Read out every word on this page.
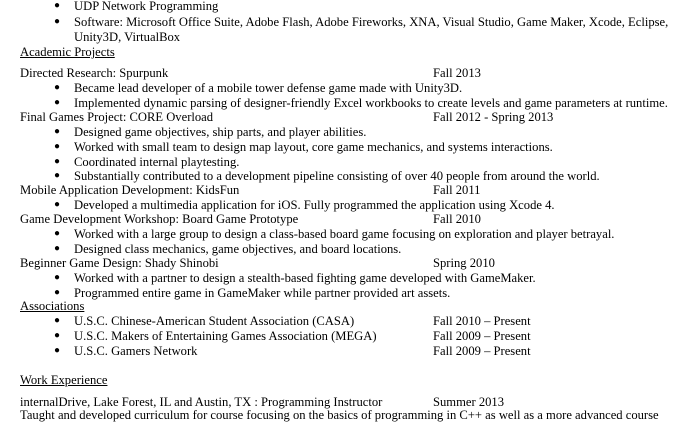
● UDP Network Programming
● Software: Microsoft Office Suite, Adobe Flash, Adobe Fireworks, XNA, Visual Studio, Game Maker, Xcode, Eclipse,
Unity3D, VirtualBox
Academic Projects
Directed Research: Spurpunk	Fall 2013
● Became lead developer of a mobile tower defense game made with Unity3D.
● Implemented dynamic parsing of designer-friendly Excel workbooks to create levels and game parameters at runtime.
Final Games Project: CORE Overload	Fall 2012 - Spring 2013
● Designed game objectives, ship parts, and player abilities.
● Worked with small team to design map layout, core game mechanics, and systems interactions.
● Coordinated internal playtesting.
● Substantially contributed to a development pipeline consisting of over 40 people from around the world.
Mobile Application Development: KidsFun	Fall 2011
● Developed a multimedia application for iOS. Fully programmed the application using Xcode 4.
Game Development Workshop: Board Game Prototype	Fall 2010
● Worked with a large group to design a class-based board game focusing on exploration and player betrayal.
● Designed class mechanics, game objectives, and board locations.
Beginner Game Design: Shady Shinobi	Spring 2010
● Worked with a partner to design a stealth-based fighting game developed with GameMaker.
● Programmed entire game in GameMaker while partner provided art assets.
Associations
● U.S.C. Chinese-American Student Association (CASA)	Fall 2010 – Present
● U.S.C. Makers of Entertaining Games Association (MEGA)	Fall 2009 – Present
● U.S.C. Gamers Network	Fall 2009 – Present
Work Experience
internalDrive, Lake Forest, IL and Austin, TX : Programming Instructor	Summer 2013
Taught and developed curriculum for course focusing on the basics of programming in C++ as well as a more advanced course
